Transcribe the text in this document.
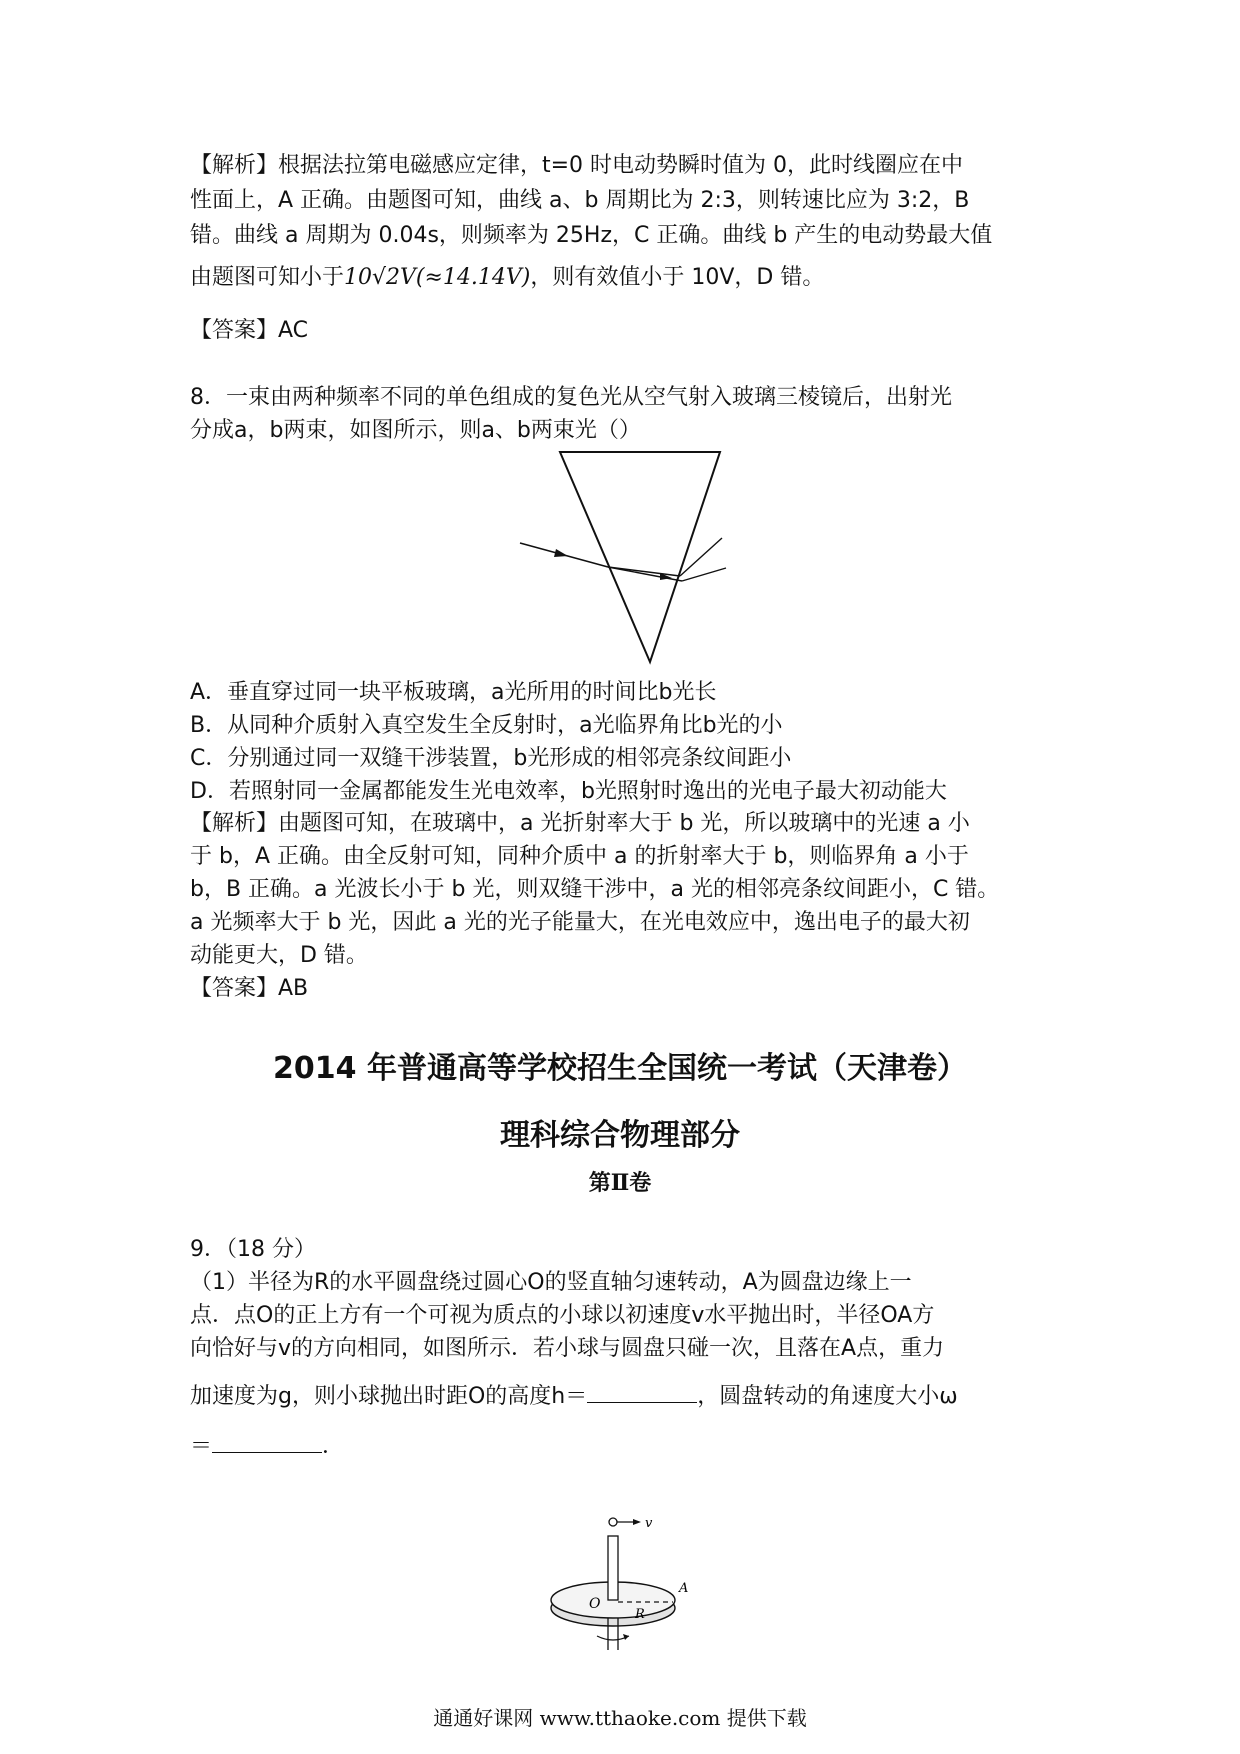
【解析】根据法拉第电磁感应定律，t=0 时电动势瞬时值为 0，此时线圈应在中
性面上，A 正确。由题图可知，曲线 a、b 周期比为 2:3，则转速比应为 3:2，B
错。曲线 a 周期为 0.04s，则频率为 25Hz，C 正确。曲线 b 产生的电动势最大值
由题图可知小于10√2V(≈14.14V)，则有效值小于 10V，D 错。
【答案】AC
8．一束由两种频率不同的单色组成的复色光从空气射入玻璃三棱镜后，出射光
分成a，b两束，如图所示，则a、b两束光（）
A．垂直穿过同一块平板玻璃，a光所用的时间比b光长
B．从同种介质射入真空发生全反射时，a光临界角比b光的小
C．分别通过同一双缝干涉装置，b光形成的相邻亮条纹间距小
D．若照射同一金属都能发生光电效率，b光照射时逸出的光电子最大初动能大
【解析】由题图可知，在玻璃中，a 光折射率大于 b 光，所以玻璃中的光速 a 小
于 b，A 正确。由全反射可知，同种介质中 a 的折射率大于 b，则临界角 a 小于
b，B 正确。a 光波长小于 b 光，则双缝干涉中，a 光的相邻亮条纹间距小，C 错。
a 光频率大于 b 光，因此 a 光的光子能量大，在光电效应中，逸出电子的最大初
动能更大，D 错。
【答案】AB
2014 年普通高等学校招生全国统一考试（天津卷）
理科综合物理部分
第Ⅱ卷
9．（18 分）
（1）半径为R的水平圆盘绕过圆心O的竖直轴匀速转动，A为圆盘边缘上一
点．点O的正上方有一个可视为质点的小球以初速度v水平抛出时，半径OA方
向恰好与v的方向相同，如图所示．若小球与圆盘只碰一次，且落在A点，重力
加速度为g，则小球抛出时距O的高度h＝	，圆盘转动的角速度大小ω
＝	．
v
O
R
A
通通好课网 www.tthaoke.com 提供下载
